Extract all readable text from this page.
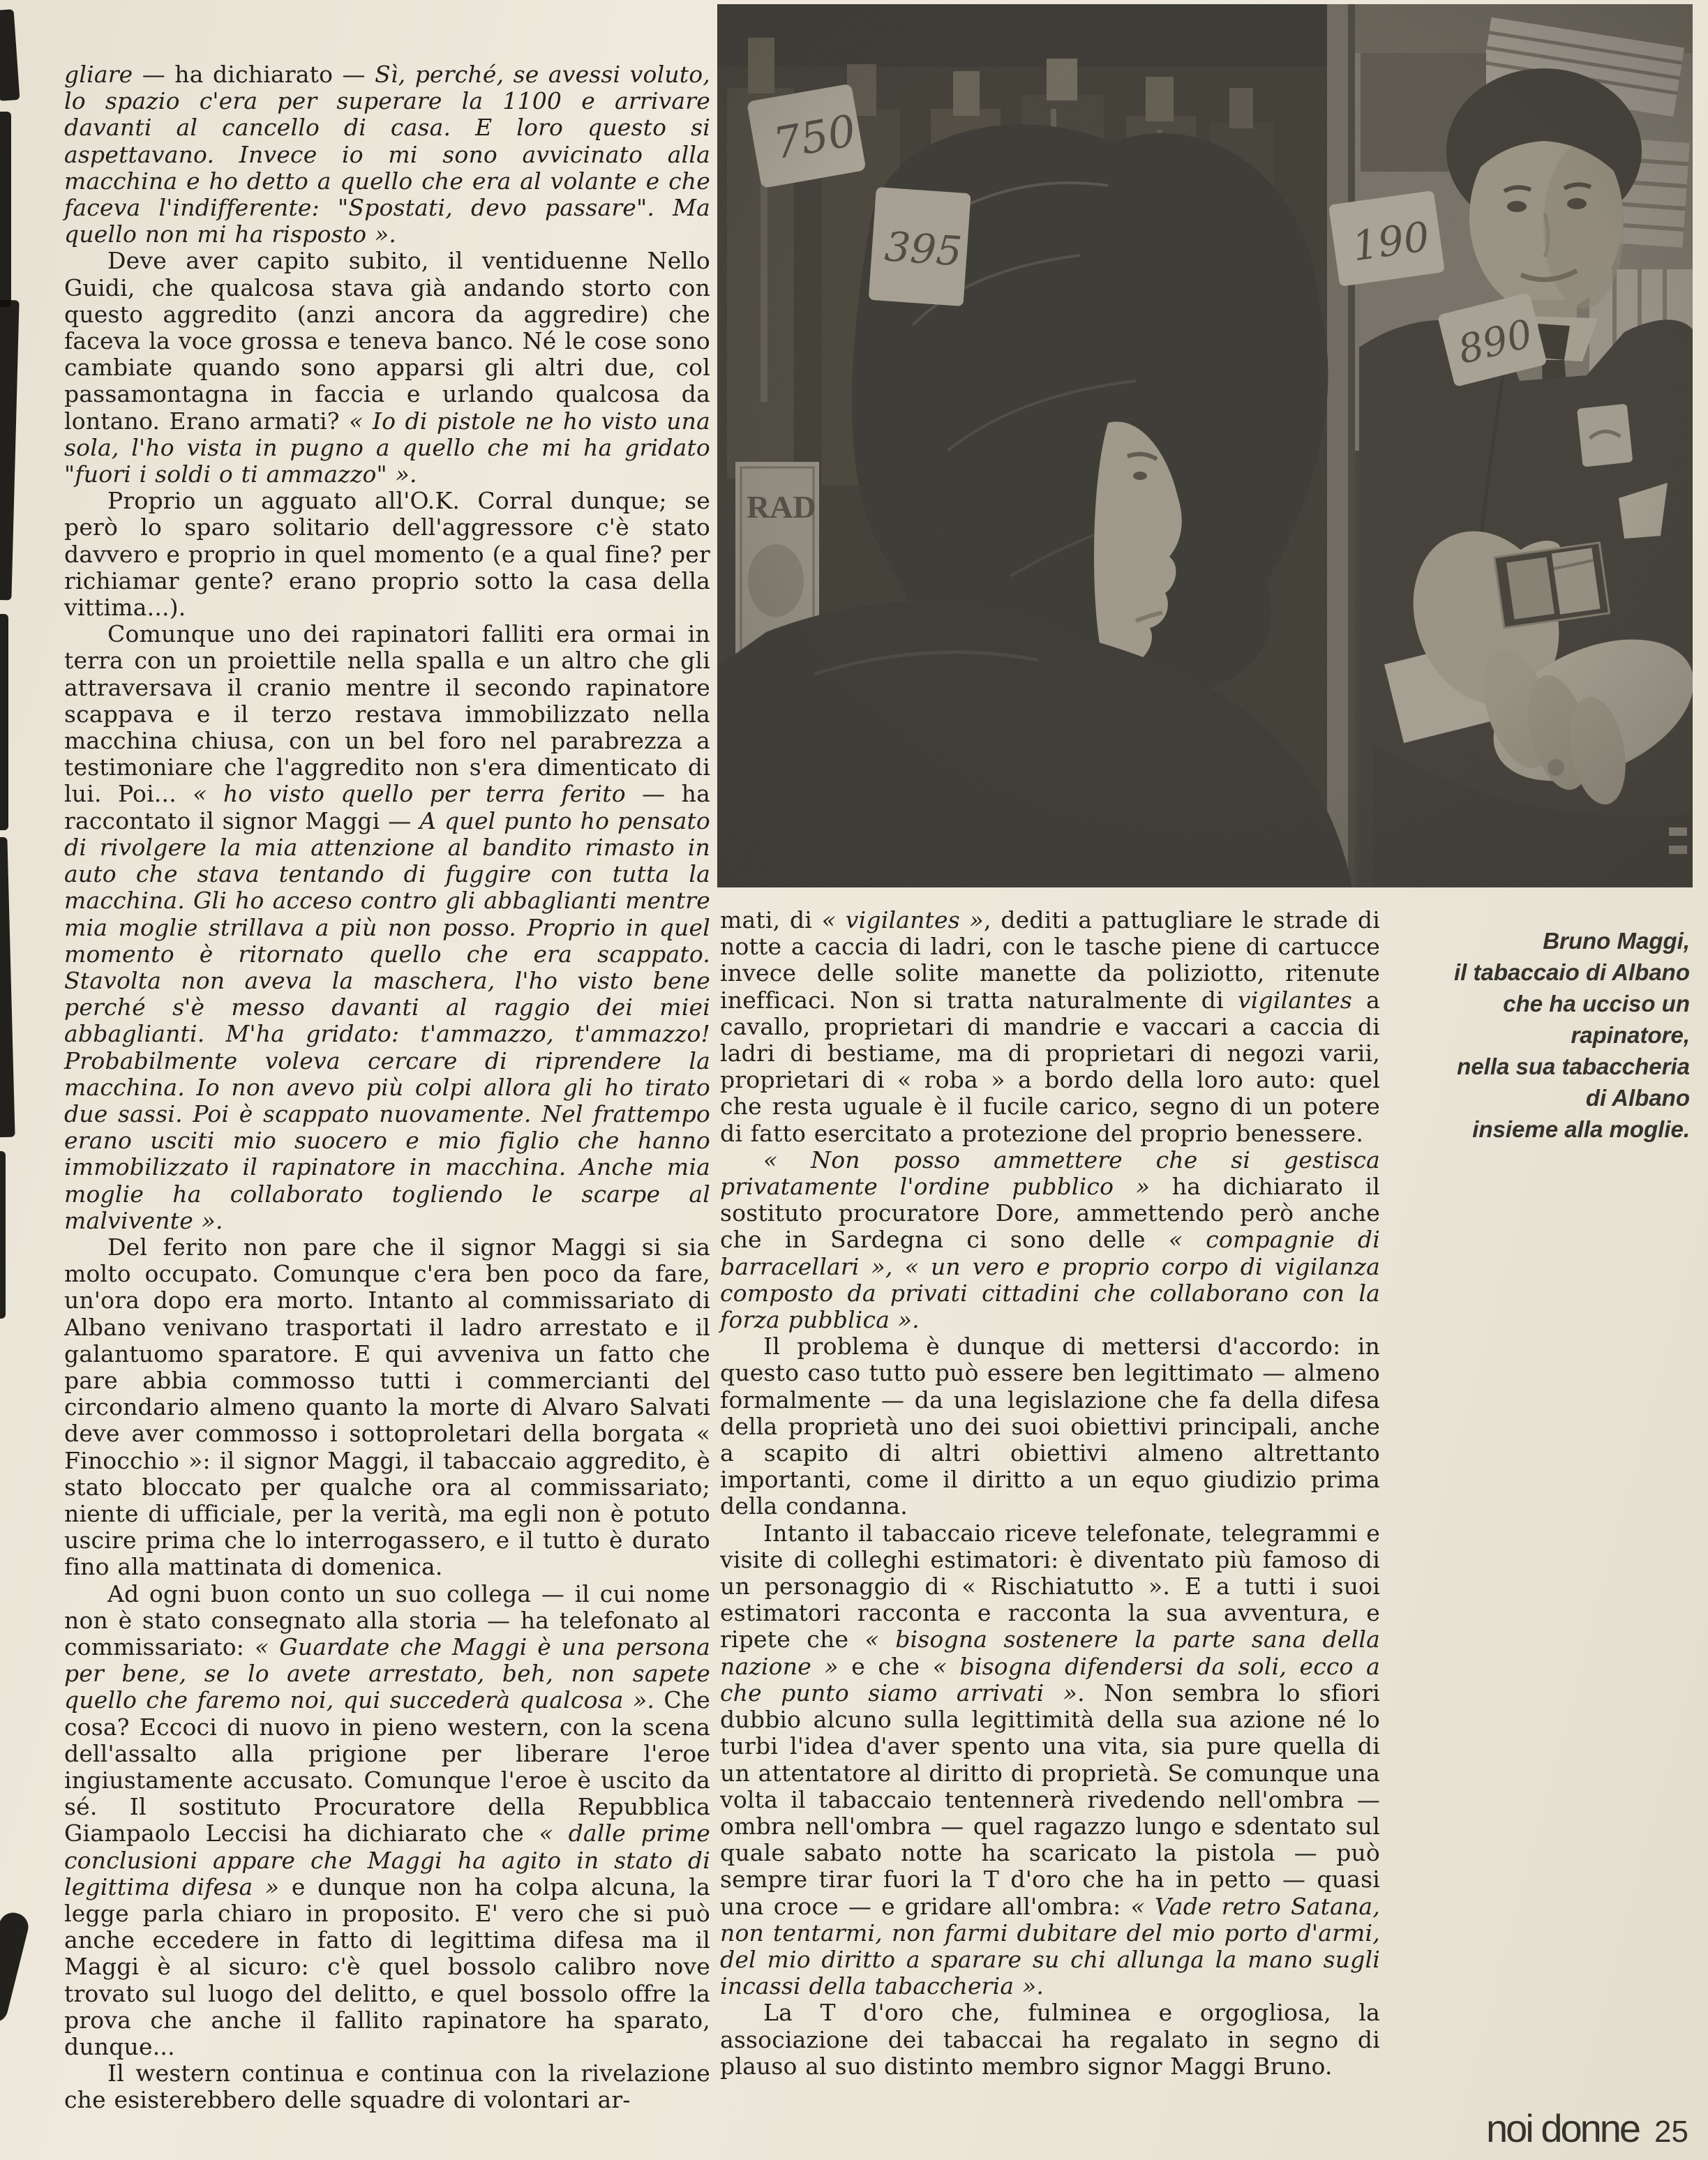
gliare — ha dichiarato — Sì, perché, se avessi voluto, lo spazio c'era per superare la 1100 e arrivare davanti al cancello di casa. E loro questo si aspettavano. Invece io mi sono avvicinato alla macchina e ho detto a quello che era al volante e che faceva l'indifferente: "Spostati, devo passare". Ma quello non mi ha risposto ».

Deve aver capito subito, il ventiduenne Nello Guidi, che qualcosa stava già andando storto con questo aggredito (anzi ancora da aggredire) che faceva la voce grossa e teneva banco. Né le cose sono cambiate quando sono apparsi gli altri due, col passamontagna in faccia e urlando qualcosa da lontano. Erano armati? « Io di pistole ne ho visto una sola, l'ho vista in pugno a quello che mi ha gridato "fuori i soldi o ti ammazzo" ».

Proprio un agguato all'O.K. Corral dunque; se però lo sparo solitario dell'aggressore c'è stato davvero e proprio in quel momento (e a qual fine? per richiamar gente? erano proprio sotto la casa della vittima...).

Comunque uno dei rapinatori falliti era ormai in terra con un proiettile nella spalla e un altro che gli attraversava il cranio mentre il secondo rapinatore scappava e il terzo restava immobilizzato nella macchina chiusa, con un bel foro nel parabrezza a testimoniare che l'aggredito non s'era dimenticato di lui. Poi... « ho visto quello per terra ferito — ha raccontato il signor Maggi — A quel punto ho pensato di rivolgere la mia attenzione al bandito rimasto in auto che stava tentando di fuggire con tutta la macchina. Gli ho acceso contro gli abbaglianti mentre mia moglie strillava a più non posso. Proprio in quel momento è ritornato quello che era scappato. Stavolta non aveva la maschera, l'ho visto bene perché s'è messo davanti al raggio dei miei abbaglianti. M'ha gridato: t'ammazzo, t'ammazzo! Probabilmente voleva cercare di riprendere la macchina. Io non avevo più colpi allora gli ho tirato due sassi. Poi è scappato nuovamente. Nel frattempo erano usciti mio suocero e mio figlio che hanno immobilizzato il rapinatore in macchina. Anche mia moglie ha collaborato togliendo le scarpe al malvivente ».

Del ferito non pare che il signor Maggi si sia molto occupato. Comunque c'era ben poco da fare, un'ora dopo era morto. Intanto al commissariato di Albano venivano trasportati il ladro arrestato e il galantuomo sparatore. E qui avveniva un fatto che pare abbia commosso tutti i commercianti del circondario almeno quanto la morte di Alvaro Salvati deve aver commosso i sottoproletari della borgata « Finocchio »: il signor Maggi, il tabaccaio aggredito, è stato bloccato per qualche ora al commissariato; niente di ufficiale, per la verità, ma egli non è potuto uscire prima che lo interrogassero, e il tutto è durato fino alla mattinata di domenica.

Ad ogni buon conto un suo collega — il cui nome non è stato consegnato alla storia — ha telefonato al commissariato: « Guardate che Maggi è una persona per bene, se lo avete arrestato, beh, non sapete quello che faremo noi, qui succederà qualcosa ». Che cosa? Eccoci di nuovo in pieno western, con la scena dell'assalto alla prigione per liberare l'eroe ingiustamente accusato. Comunque l'eroe è uscito da sé. Il sostituto Procuratore della Repubblica Giampaolo Leccisi ha dichiarato che « dalle prime conclusioni appare che Maggi ha agito in stato di legittima difesa » e dunque non ha colpa alcuna, la legge parla chiaro in proposito. E' vero che si può anche eccedere in fatto di legittima difesa ma il Maggi è al sicuro: c'è quel bossolo calibro nove trovato sul luogo del delitto, e quel bossolo offre la prova che anche il fallito rapinatore ha sparato, dunque...

Il western continua e continua con la rivelazione che esisterebbero delle squadre di volontari ar-

Bruno Maggi,
il tabaccaio di Albano
che ha ucciso un rapinatore,
nella sua tabaccheria
di Albano
insieme alla moglie.

mati, di « vigilantes », dediti a pattugliare le strade di notte a caccia di ladri, con le tasche piene di cartucce invece delle solite manette da poliziotto, ritenute inefficaci. Non si tratta naturalmente di vigilantes a cavallo, proprietari di mandrie e vaccari a caccia di ladri di bestiame, ma di proprietari di negozi varii, proprietari di « roba » a bordo della loro auto: quel che resta uguale è il fucile carico, segno di un potere di fatto esercitato a protezione del proprio benessere.

« Non posso ammettere che si gestisca privatamente l'ordine pubblico » ha dichiarato il sostituto procuratore Dore, ammettendo però anche che in Sardegna ci sono delle « compagnie di barracellari », « un vero e proprio corpo di vigilanza composto da privati cittadini che collaborano con la forza pubblica ».

Il problema è dunque di mettersi d'accordo: in questo caso tutto può essere ben legittimato — almeno formalmente — da una legislazione che fa della difesa della proprietà uno dei suoi obiettivi principali, anche a scapito di altri obiettivi almeno altrettanto importanti, come il diritto a un equo giudizio prima della condanna.

Intanto il tabaccaio riceve telefonate, telegrammi e visite di colleghi estimatori: è diventato più famoso di un personaggio di « Rischiatutto ». E a tutti i suoi estimatori racconta e racconta la sua avventura, e ripete che « bisogna sostenere la parte sana della nazione » e che « bisogna difendersi da soli, ecco a che punto siamo arrivati ». Non sembra lo sfiori dubbio alcuno sulla legittimità della sua azione né lo turbi l'idea d'aver spento una vita, sia pure quella di un attentatore al diritto di proprietà. Se comunque una volta il tabaccaio tentennerà rivedendo nell'ombra — ombra nell'ombra — quel ragazzo lungo e sdentato sul quale sabato notte ha scaricato la pistola — può sempre tirar fuori la T d'oro che ha in petto — quasi una croce — e gridare all'ombra: « Vade retro Satana, non tentarmi, non farmi dubitare del mio porto d'armi, del mio diritto a sparare su chi allunga la mano sugli incassi della tabaccheria ».

La T d'oro che, fulminea e orgogliosa, la associazione dei tabaccai ha regalato in segno di plauso al suo distinto membro signor Maggi Bruno.

noi donne 25
